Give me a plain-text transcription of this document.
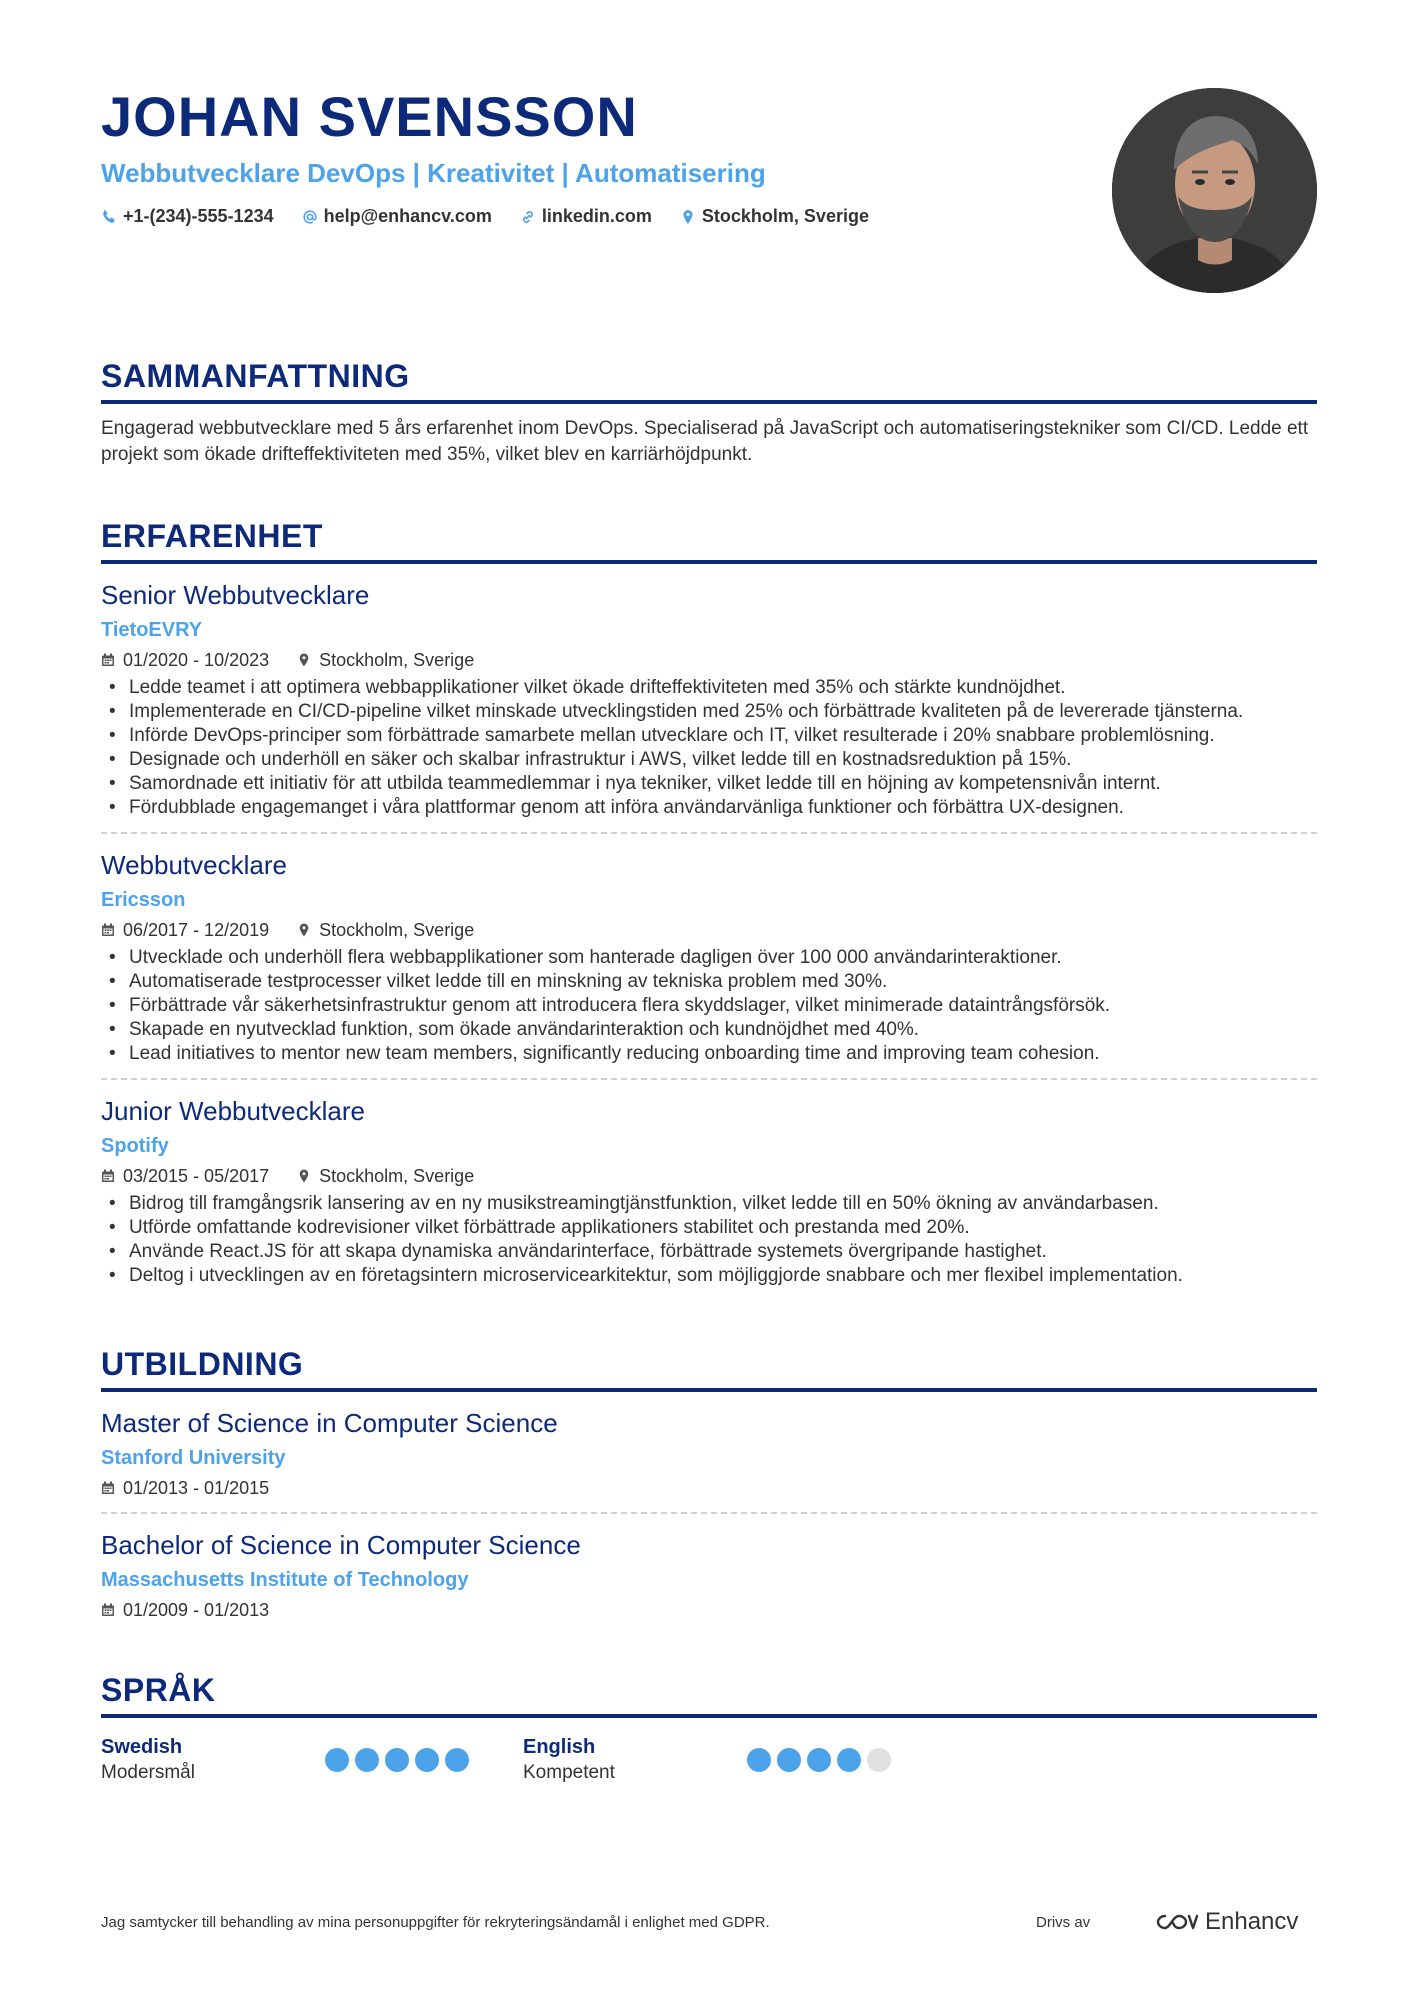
JOHAN SVENSSON
Webbutvecklare DevOps | Kreativitet | Automatisering
+1-(234)-555-1234	help@enhancv.com	linkedin.com	Stockholm, Sverige
SAMMANFATTNING

Engagerad webbutvecklare med 5 års erfarenhet inom DevOps. Specialiserad på JavaScript och automatiseringstekniker som CI/CD. Ledde ett projekt som ökade drifteffektiviteten med 35%, vilket blev en karriärhöjdpunkt.

ERFARENHET
Senior Webbutvecklare
TietoEVRY
01/2020 - 10/2023	Stockholm, Sverige
• Ledde teamet i att optimera webbapplikationer vilket ökade drifteffektiviteten med 35% och stärkte kundnöjdhet.
• Implementerade en CI/CD-pipeline vilket minskade utvecklingstiden med 25% och förbättrade kvaliteten på de levererade tjänsterna.
• Införde DevOps-principer som förbättrade samarbete mellan utvecklare och IT, vilket resulterade i 20% snabbare problemlösning.
• Designade och underhöll en säker och skalbar infrastruktur i AWS, vilket ledde till en kostnadsreduktion på 15%.
• Samordnade ett initiativ för att utbilda teammedlemmar i nya tekniker, vilket ledde till en höjning av kompetensnivån internt.
• Fördubblade engagemanget i våra plattformar genom att införa användarvänliga funktioner och förbättra UX-designen.
Webbutvecklare
Ericsson
06/2017 - 12/2019	Stockholm, Sverige
• Utvecklade och underhöll flera webbapplikationer som hanterade dagligen över 100 000 användarinteraktioner.
• Automatiserade testprocesser vilket ledde till en minskning av tekniska problem med 30%.
• Förbättrade vår säkerhetsinfrastruktur genom att introducera flera skyddslager, vilket minimerade dataintrångsförsök.
• Skapade en nyutvecklad funktion, som ökade användarinteraktion och kundnöjdhet med 40%.
• Lead initiatives to mentor new team members, significantly reducing onboarding time and improving team cohesion.
Junior Webbutvecklare
Spotify
03/2015 - 05/2017	Stockholm, Sverige
• Bidrog till framgångsrik lansering av en ny musikstreamingtjänstfunktion, vilket ledde till en 50% ökning av användarbasen.
• Utförde omfattande kodrevisioner vilket förbättrade applikationers stabilitet och prestanda med 20%.
• Använde React.JS för att skapa dynamiska användarinterface, förbättrade systemets övergripande hastighet.
• Deltog i utvecklingen av en företagsintern microservicearkitektur, som möjliggjorde snabbare och mer flexibel implementation.
UTBILDNING
Master of Science in Computer Science
Stanford University
01/2013 - 01/2015
Bachelor of Science in Computer Science
Massachusetts Institute of Technology
01/2009 - 01/2013
SPRÅK
Swedish
Modersmål
English
Kompetent
Jag samtycker till behandling av mina personuppgifter för rekryteringsändamål i enlighet med GDPR.	Drivs av	Enhancv
